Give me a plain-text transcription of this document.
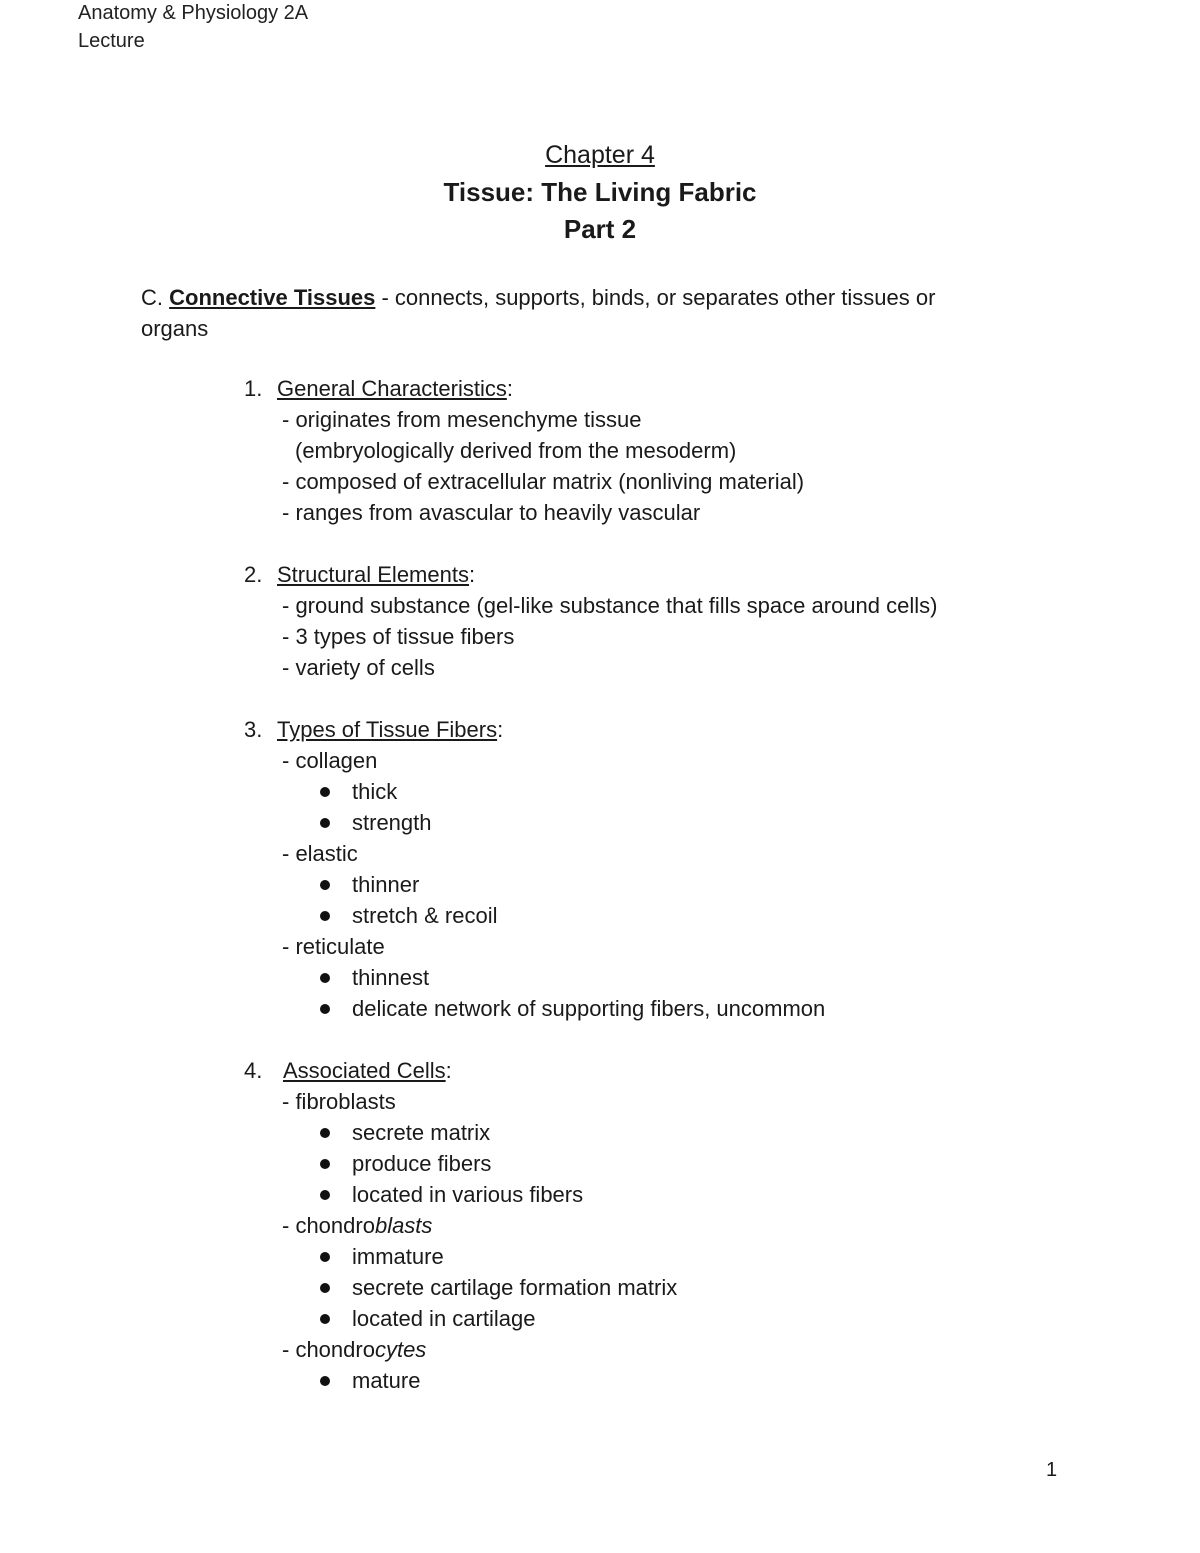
Anatomy & Physiology 2A
Lecture
Chapter 4
Tissue: The Living Fabric
Part 2
C. Connective Tissues - connects, supports, binds, or separates other tissues or
organs
1. General Characteristics:
- originates from mesenchyme tissue
(embryologically derived from the mesoderm)
- composed of extracellular matrix (nonliving material)
- ranges from avascular to heavily vascular
2. Structural Elements:
- ground substance (gel-like substance that fills space around cells)
- 3 types of tissue fibers
- variety of cells
3. Types of Tissue Fibers:
- collagen
thick
strength
- elastic
thinner
stretch & recoil
- reticulate
thinnest
delicate network of supporting fibers, uncommon
4. Associated Cells:
- fibroblasts
secrete matrix
produce fibers
located in various fibers
- chondroblasts
immature
secrete cartilage formation matrix
located in cartilage
- chondrocytes
mature
1
